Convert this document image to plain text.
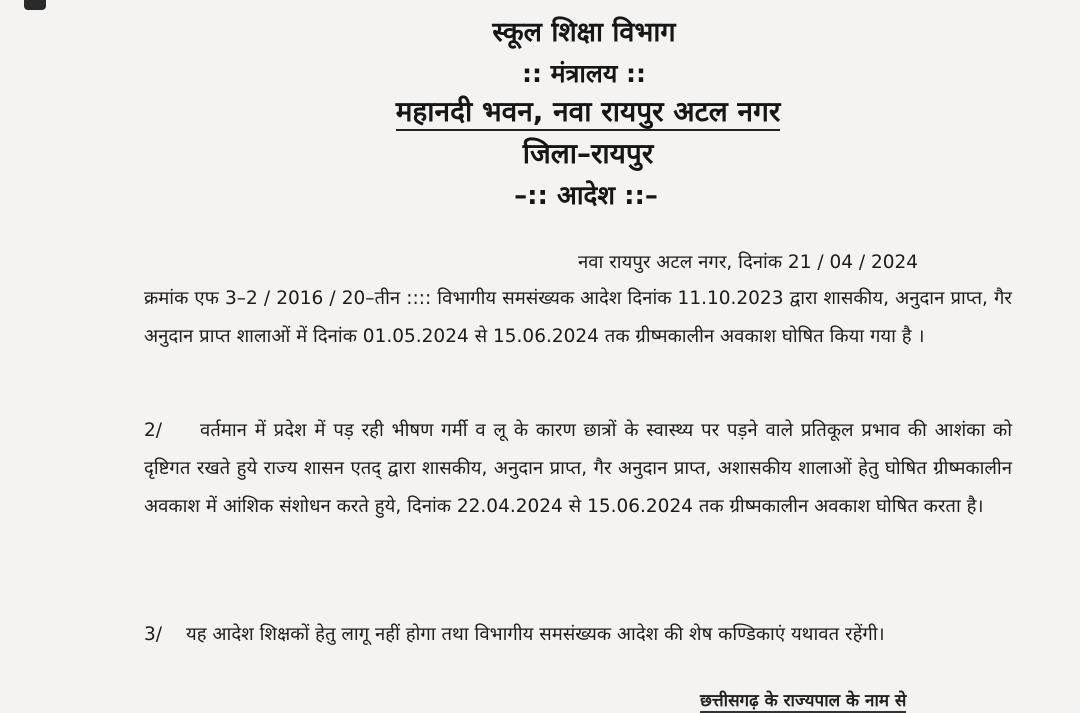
स्कूल शिक्षा विभाग
:: मंत्रालय ::
महानदी भवन, नवा रायपुर अटल नगर
जिला–रायपुर
–:: आदेश ::–
नवा रायपुर अटल नगर, दिनांक 21 / 04 / 2024
क्रमांक एफ 3–2 / 2016 / 20–तीन :::: विभागीय समसंख्यक आदेश दिनांक 11.10.2023 द्वारा शासकीय, अनुदान प्राप्त, गैर अनुदान प्राप्त शालाओं में दिनांक 01.05.2024 से 15.06.2024 तक ग्रीष्मकालीन अवकाश घोषित किया गया है ।
2/ वर्तमान में प्रदेश में पड़ रही भीषण गर्मी व लू के कारण छात्रों के स्वास्थ्य पर पड़ने वाले प्रतिकूल प्रभाव की आशंका को दृष्टिगत रखते हुये राज्य शासन एतद् द्वारा शासकीय, अनुदान प्राप्त, गैर अनुदान प्राप्त, अशासकीय शालाओं हेतु घोषित ग्रीष्मकालीन अवकाश में आंशिक संशोधन करते हुये, दिनांक 22.04.2024 से 15.06.2024 तक ग्रीष्मकालीन अवकाश घोषित करता है।
3/ यह आदेश शिक्षकों हेतु लागू नहीं होगा तथा विभागीय समसंख्यक आदेश की शेष कण्डिकाएं यथावत रहेंगी।
छत्तीसगढ़ के राज्यपाल के नाम से
